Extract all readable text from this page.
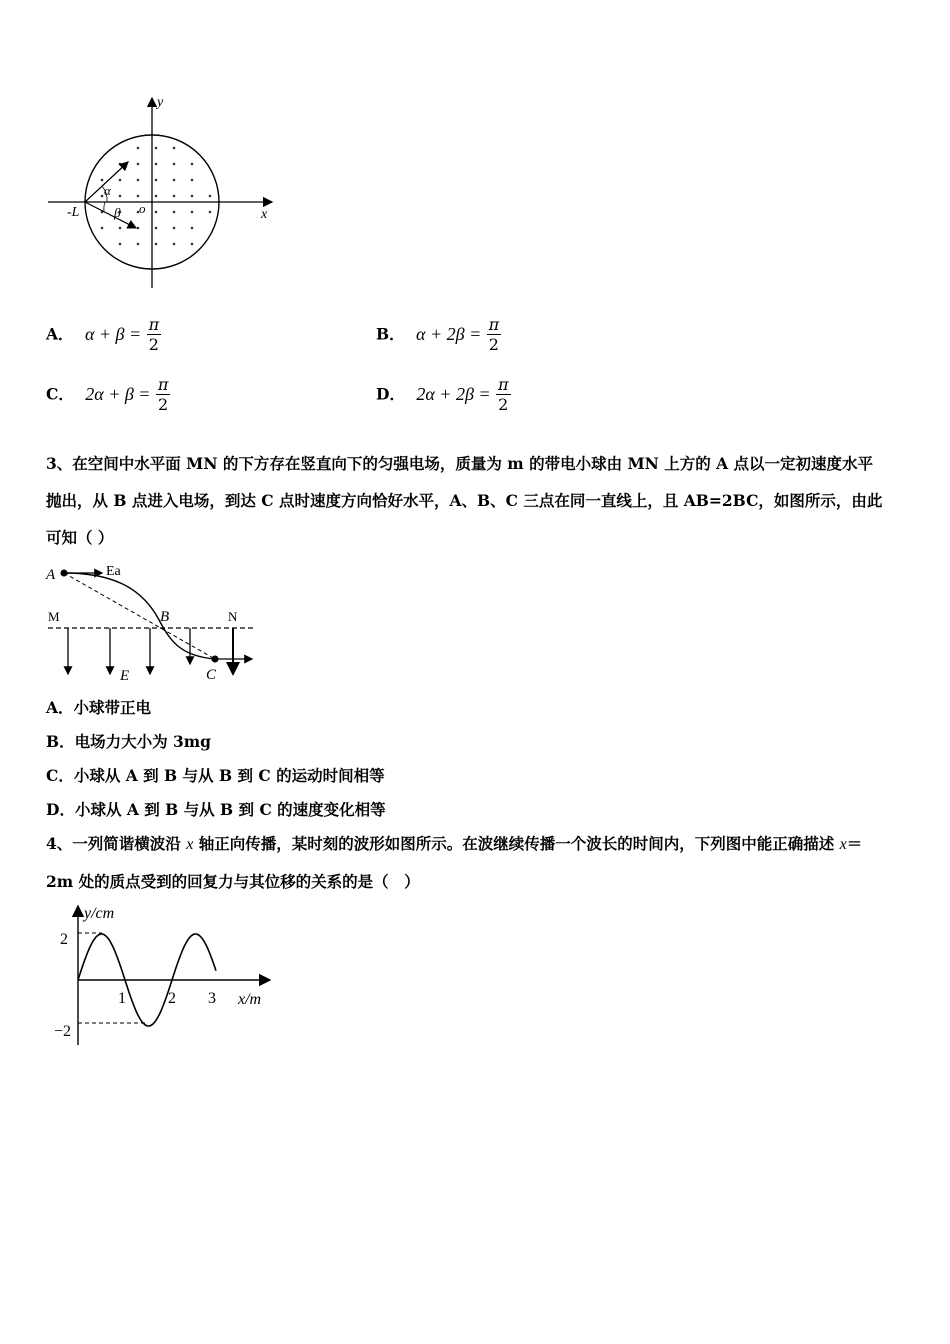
y
x
-L	o
α
β
A． $\alpha + \beta = \frac{\pi}{2}$	B． $\alpha + 2\beta = \frac{\pi}{2}$
C． $2\alpha + \beta = \frac{\pi}{2}$	D． $2\alpha + 2\beta = \frac{\pi}{2}$
3、在空间中水平面 MN 的下方存在竖直向下的匀强电场，质量为 m 的带电小球由 MN 上方的 A 点以一定初速度水平
抛出，从 B 点进入电场，到达 C 点时速度方向恰好水平，A、B、C 三点在同一直线上，且 AB=2BC，如图所示，由此
可知（ ）
A	Ea
M	B	N
E	C
A．小球带正电
B．电场力大小为 3mg
C．小球从 A 到 B 与从 B 到 C 的运动时间相等
D．小球从 A 到 B 与从 B 到 C 的速度变化相等
4、一列简谐横波沿 x 轴正向传播，某时刻的波形如图所示。在波继续传播一个波长的时间内，下列图中能正确描述 x＝
2m 处的质点受到的回复力与其位移的关系的是（　）
y/cm
x/m
2
−2
1	2 3
